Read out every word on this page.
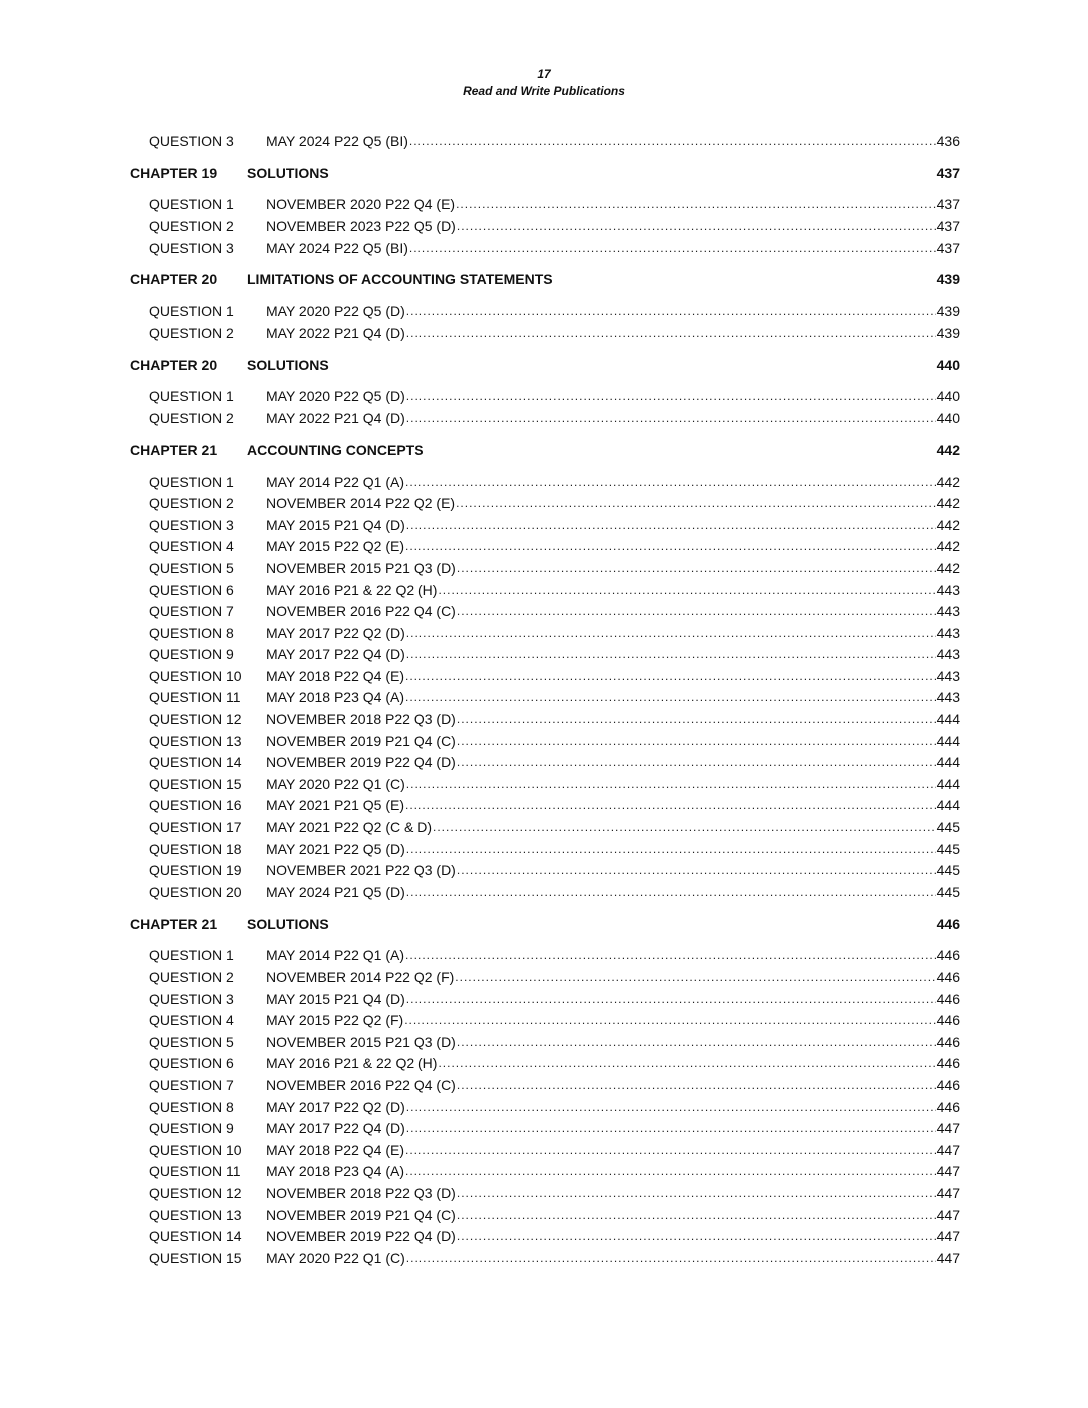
17
Read and Write Publications
QUESTION 3	MAY 2024 P22 Q5 (BI) .....	436
CHAPTER 19	SOLUTIONS	437
QUESTION 1	NOVEMBER 2020 P22 Q4 (E) .....	437
QUESTION 2	NOVEMBER 2023 P22 Q5 (D) .....	437
QUESTION 3	MAY 2024 P22 Q5 (BI) .....	437
CHAPTER 20	LIMITATIONS OF ACCOUNTING STATEMENTS	439
QUESTION 1	MAY 2020 P22 Q5 (D) .....	439
QUESTION 2	MAY 2022 P21 Q4 (D) .....	439
CHAPTER 20	SOLUTIONS	440
QUESTION 1	MAY 2020 P22 Q5 (D) .....	440
QUESTION 2	MAY 2022 P21 Q4 (D) .....	440
CHAPTER 21	ACCOUNTING CONCEPTS	442
QUESTION 1	MAY 2014 P22 Q1 (A) .....	442
QUESTION 2	NOVEMBER 2014 P22 Q2 (E) .....	442
QUESTION 3	MAY 2015 P21 Q4 (D) .....	442
QUESTION 4	MAY 2015 P22 Q2 (E) .....	442
QUESTION 5	NOVEMBER 2015 P21 Q3 (D) .....	442
QUESTION 6	MAY 2016 P21 & 22 Q2 (H) .....	443
QUESTION 7	NOVEMBER 2016 P22 Q4 (C) .....	443
QUESTION 8	MAY 2017 P22 Q2 (D) .....	443
QUESTION 9	MAY 2017 P22 Q4 (D) .....	443
QUESTION 10	MAY 2018 P22 Q4 (E) .....	443
QUESTION 11	MAY 2018 P23 Q4 (A) .....	443
QUESTION 12	NOVEMBER 2018 P22 Q3 (D) .....	444
QUESTION 13	NOVEMBER 2019 P21 Q4 (C) .....	444
QUESTION 14	NOVEMBER 2019 P22 Q4 (D) .....	444
QUESTION 15	MAY 2020 P22 Q1 (C) .....	444
QUESTION 16	MAY 2021 P21 Q5 (E) .....	444
QUESTION 17	MAY 2021 P22 Q2 (C & D) .....	445
QUESTION 18	MAY 2021 P22 Q5 (D) .....	445
QUESTION 19	NOVEMBER 2021 P22 Q3 (D) .....	445
QUESTION 20	MAY 2024 P21 Q5 (D) .....	445
CHAPTER 21	SOLUTIONS	446
QUESTION 1	MAY 2014 P22 Q1 (A) .....	446
QUESTION 2	NOVEMBER 2014 P22 Q2 (F) .....	446
QUESTION 3	MAY 2015 P21 Q4 (D) .....	446
QUESTION 4	MAY 2015 P22 Q2 (F) .....	446
QUESTION 5	NOVEMBER 2015 P21 Q3 (D) .....	446
QUESTION 6	MAY 2016 P21 & 22 Q2 (H) .....	446
QUESTION 7	NOVEMBER 2016 P22 Q4 (C) .....	446
QUESTION 8	MAY 2017 P22 Q2 (D) .....	446
QUESTION 9	MAY 2017 P22 Q4 (D) .....	447
QUESTION 10	MAY 2018 P22 Q4 (E) .....	447
QUESTION 11	MAY 2018 P23 Q4 (A) .....	447
QUESTION 12	NOVEMBER 2018 P22 Q3 (D) .....	447
QUESTION 13	NOVEMBER 2019 P21 Q4 (C) .....	447
QUESTION 14	NOVEMBER 2019 P22 Q4 (D) .....	447
QUESTION 15	MAY 2020 P22 Q1 (C) .....	447
